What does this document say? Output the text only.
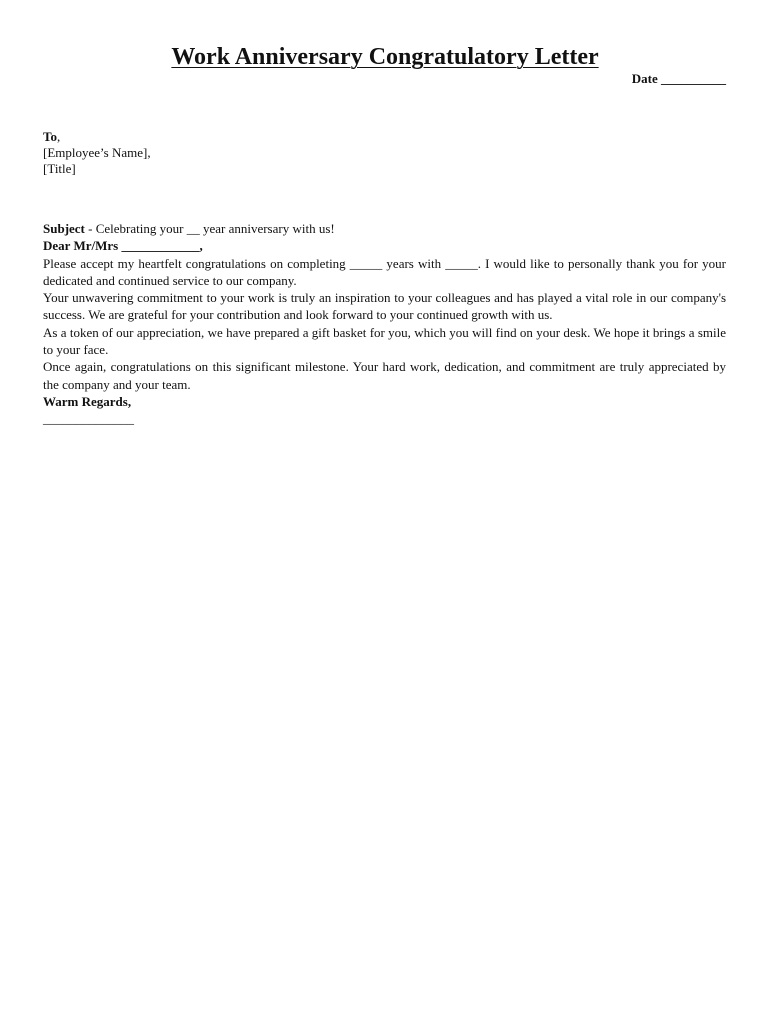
Work Anniversary Congratulatory Letter
Date __________
To,
[Employee’s Name],
[Title]

Subject - Celebrating your __ year anniversary with us!

Dear Mr/Mrs ____________,

Please accept my heartfelt congratulations on completing _____ years with _____. I would like to personally thank you for your dedicated and continued service to our company.

Your unwavering commitment to your work is truly an inspiration to your colleagues and has played a vital role in our company's success. We are grateful for your contribution and look forward to your continued growth with us.

As a token of our appreciation, we have prepared a gift basket for you, which you will find on your desk. We hope it brings a smile to your face.

Once again, congratulations on this significant milestone. Your hard work, dedication, and commitment are truly appreciated by the company and your team.

Warm Regards,

______________
